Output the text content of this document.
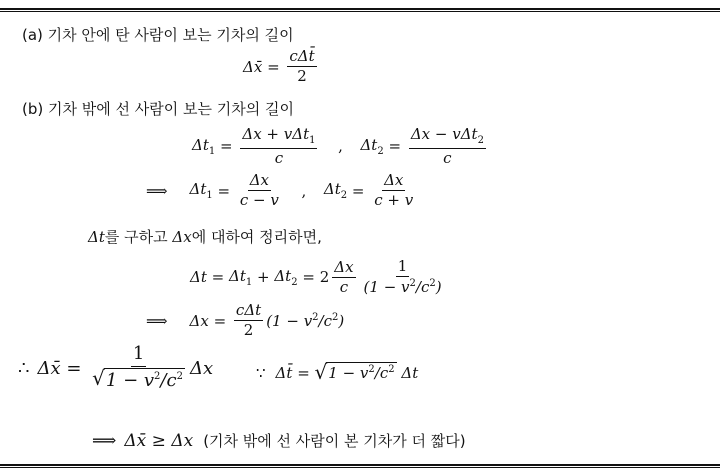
(a) 기차 안에 탄 사람이 보는 기차의 길이
Δx̄ = $\frac{\text{cΔt̄}}{2}$
(b) 기차 밖에 선 사람이 보는 기차의 길이
$\Delta t_1 = \frac{\Delta x + v\Delta t_1}{c}$	,	$\Delta t_2 = \frac{\Delta x - v\Delta t_2}{c}$
⟹ $\Delta t_1 = \frac{\Delta x}{c - v}$	,	$\Delta t_2 = \frac{\Delta x}{c + v}$
Δt를 구하고 Δx에 대하여 정리하면,
$\Delta t = \Delta t_1 + \Delta t_2 = 2 \frac{\Delta x}{c} \frac{1}{(1 - v^2/c^2)}$
⟹ $\Delta x = \frac{\text{cΔt}}{2} (1 - v^2/c^2)$
∴ Δx̄ = $\frac{1}{√ 1 - v^2/c^2}$ Δx	∵ Δt̄ = √ $1 - v^2/c^2$ Δt
⟹ Δx̄ ≥ Δx (기차 밖에 선 사람이 본 기차가 더 짧다)
